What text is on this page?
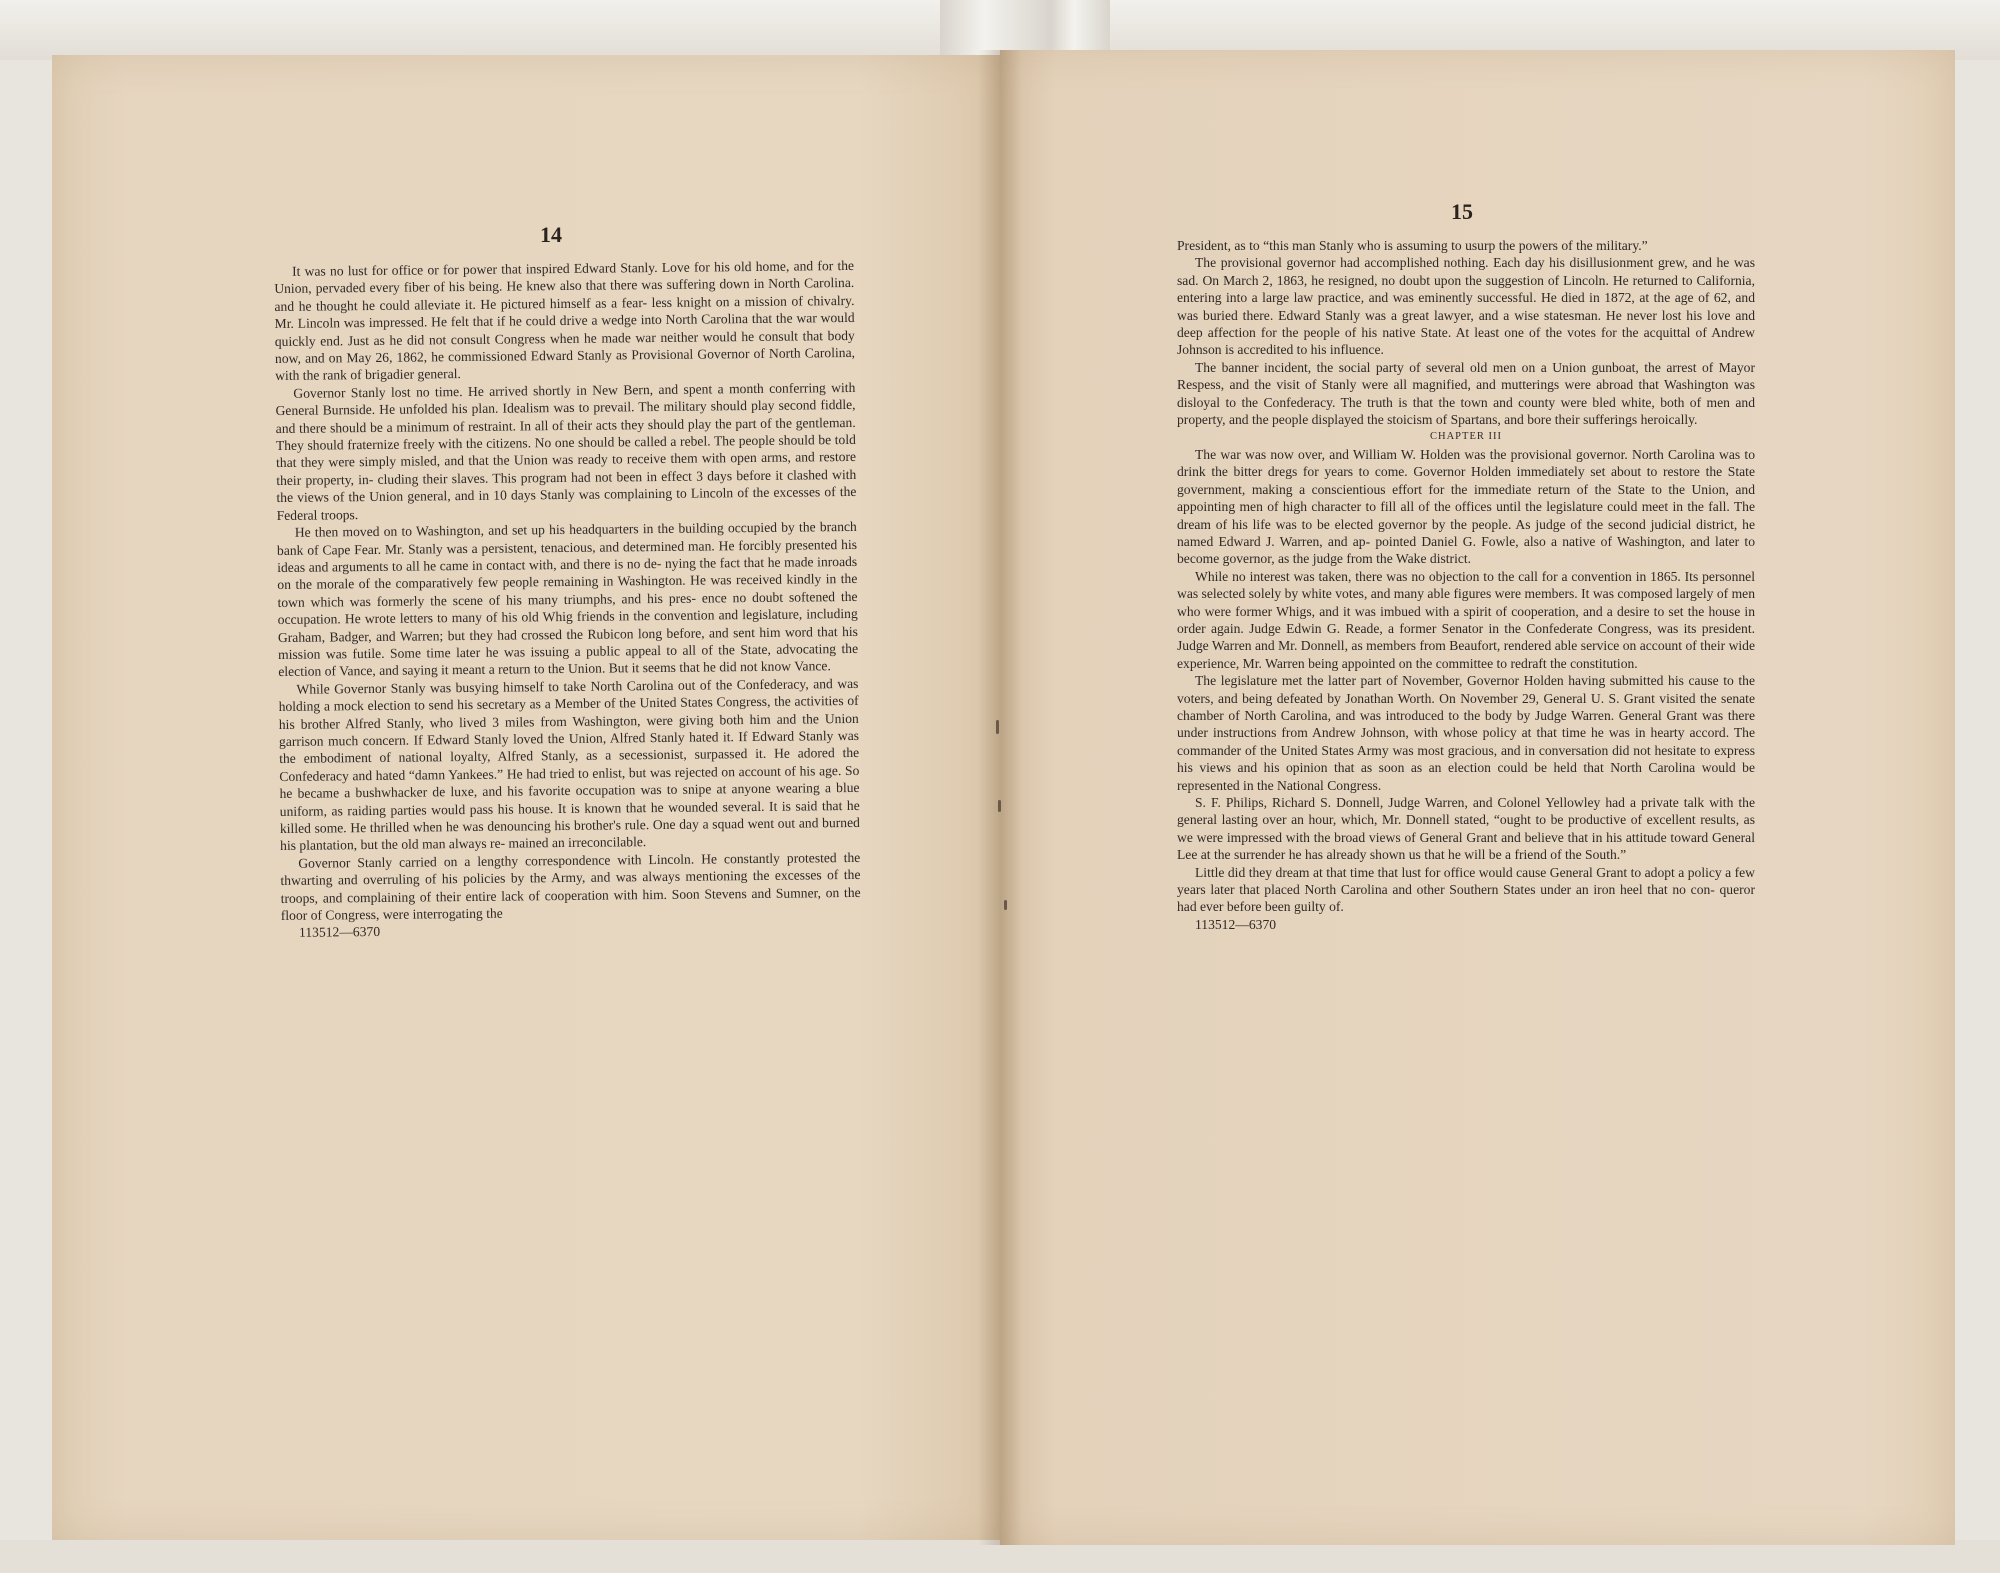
14

It was no lust for office or for power that inspired Edward Stanly. Love for his old home, and for the Union, pervaded every fiber of his being. He knew also that there was suffering down in North Carolina. and he thought he could alleviate it. He pictured himself as a fear- less knight on a mission of chivalry. Mr. Lincoln was impressed. He felt that if he could drive a wedge into North Carolina that the war would quickly end. Just as he did not consult Congress when he made war neither would he consult that body now, and on May 26, 1862, he commissioned Edward Stanly as Provisional Governor of North Carolina, with the rank of brigadier general.

Governor Stanly lost no time. He arrived shortly in New Bern, and spent a month conferring with General Burnside. He unfolded his plan. Idealism was to prevail. The military should play second fiddle, and there should be a minimum of restraint. In all of their acts they should play the part of the gentleman. They should fraternize freely with the citizens. No one should be called a rebel. The people should be told that they were simply misled, and that the Union was ready to receive them with open arms, and restore their property, in- cluding their slaves. This program had not been in effect 3 days before it clashed with the views of the Union general, and in 10 days Stanly was complaining to Lincoln of the excesses of the Federal troops.

He then moved on to Washington, and set up his headquarters in the building occupied by the branch bank of Cape Fear. Mr. Stanly was a persistent, tenacious, and determined man. He forcibly presented his ideas and arguments to all he came in contact with, and there is no de- nying the fact that he made inroads on the morale of the comparatively few people remaining in Washington. He was received kindly in the town which was formerly the scene of his many triumphs, and his pres- ence no doubt softened the occupation. He wrote letters to many of his old Whig friends in the convention and legislature, including Graham, Badger, and Warren; but they had crossed the Rubicon long before, and sent him word that his mission was futile. Some time later he was issuing a public appeal to all of the State, advocating the election of Vance, and saying it meant a return to the Union. But it seems that he did not know Vance.

While Governor Stanly was busying himself to take North Carolina out of the Confederacy, and was holding a mock election to send his secretary as a Member of the United States Congress, the activities of his brother Alfred Stanly, who lived 3 miles from Washington, were giving both him and the Union garrison much concern. If Edward Stanly loved the Union, Alfred Stanly hated it. If Edward Stanly was the embodiment of national loyalty, Alfred Stanly, as a secessionist, surpassed it. He adored the Confederacy and hated “damn Yankees.” He had tried to enlist, but was rejected on account of his age. So he became a bushwhacker de luxe, and his favorite occupation was to snipe at anyone wearing a blue uniform, as raiding parties would pass his house. It is known that he wounded several. It is said that he killed some. He thrilled when he was denouncing his brother's rule. One day a squad went out and burned his plantation, but the old man always re- mained an irreconcilable.

Governor Stanly carried on a lengthy correspondence with Lincoln. He constantly protested the thwarting and overruling of his policies by the Army, and was always mentioning the excesses of the troops, and complaining of their entire lack of cooperation with him. Soon Stevens and Sumner, on the floor of Congress, were interrogating the

113512—6370

15

President, as to “this man Stanly who is assuming to usurp the powers of the military.”

The provisional governor had accomplished nothing. Each day his disillusionment grew, and he was sad. On March 2, 1863, he resigned, no doubt upon the suggestion of Lincoln. He returned to California, entering into a large law practice, and was eminently successful. He died in 1872, at the age of 62, and was buried there. Edward Stanly was a great lawyer, and a wise statesman. He never lost his love and deep affection for the people of his native State. At least one of the votes for the acquittal of Andrew Johnson is accredited to his influence.

The banner incident, the social party of several old men on a Union gunboat, the arrest of Mayor Respess, and the visit of Stanly were all magnified, and mutterings were abroad that Washington was disloyal to the Confederacy. The truth is that the town and county were bled white, both of men and property, and the people displayed the stoicism of Spartans, and bore their sufferings heroically.

CHAPTER III

The war was now over, and William W. Holden was the provisional governor. North Carolina was to drink the bitter dregs for years to come. Governor Holden immediately set about to restore the State government, making a conscientious effort for the immediate return of the State to the Union, and appointing men of high character to fill all of the offices until the legislature could meet in the fall. The dream of his life was to be elected governor by the people. As judge of the second judicial district, he named Edward J. Warren, and ap- pointed Daniel G. Fowle, also a native of Washington, and later to become governor, as the judge from the Wake district.

While no interest was taken, there was no objection to the call for a convention in 1865. Its personnel was selected solely by white votes, and many able figures were members. It was composed largely of men who were former Whigs, and it was imbued with a spirit of cooperation, and a desire to set the house in order again. Judge Edwin G. Reade, a former Senator in the Confederate Congress, was its president. Judge Warren and Mr. Donnell, as members from Beaufort, rendered able service on account of their wide experience, Mr. Warren being appointed on the committee to redraft the constitution.

The legislature met the latter part of November, Governor Holden having submitted his cause to the voters, and being defeated by Jonathan Worth. On November 29, General U. S. Grant visited the senate chamber of North Carolina, and was introduced to the body by Judge Warren. General Grant was there under instructions from Andrew Johnson, with whose policy at that time he was in hearty accord. The commander of the United States Army was most gracious, and in conversation did not hesitate to express his views and his opinion that as soon as an election could be held that North Carolina would be represented in the National Congress.

S. F. Philips, Richard S. Donnell, Judge Warren, and Colonel Yellowley had a private talk with the general lasting over an hour, which, Mr. Donnell stated, “ought to be productive of excellent results, as we were impressed with the broad views of General Grant and believe that in his attitude toward General Lee at the surrender he has already shown us that he will be a friend of the South.”

Little did they dream at that time that lust for office would cause General Grant to adopt a policy a few years later that placed North Carolina and other Southern States under an iron heel that no con- queror had ever before been guilty of.

113512—6370
